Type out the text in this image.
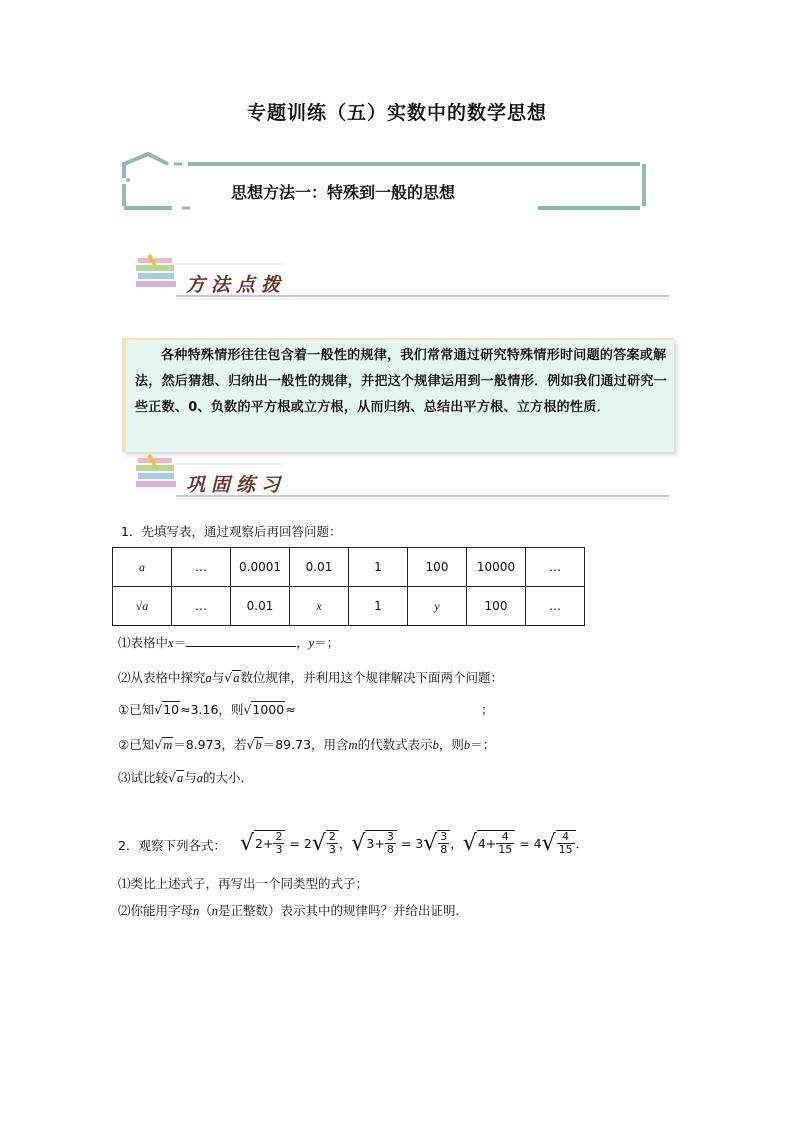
专题训练（五）实数中的数学思想
思想方法一：特殊到一般的思想
方法点拨
各种特殊情形往往包含着一般性的规律，我们常常通过研究特殊情形时问题的答案或解法，然后猜想、归纳出一般性的规律，并把这个规律运用到一般情形．例如我们通过研究一些正数、0、负数的平方根或立方根，从而归纳、总结出平方根、立方根的性质．
巩固练习
1．先填写表，通过观察后再回答问题：
a	…	0.0001	0.01	1	100	10000	…
√a	…	0.01	x	1	y	100	…
⑴表格中x＝	，y＝；
⑵从表格中探究a与√a数位规律，并利用这个规律解决下面两个问题：
①已知√10≈3.16，则√1000≈	；
②已知√m＝8.973，若√b＝89.73，用含m的代数式表示b，则b＝；
⑶试比较√a与a的大小．
2．观察下列各式： √ $2 + \frac{2}{3} = 2$ √ $\frac{2}{3}$ ， √ $3 + \frac{3}{8} = 3$ √ $\frac{3}{8}$ ， √ $4 + \frac{4}{15} = 4$ √ $\frac{4}{15}$ ．
⑴类比上述式子，再写出一个同类型的式子；
⑵你能用字母n（n是正整数）表示其中的规律吗？并给出证明．
